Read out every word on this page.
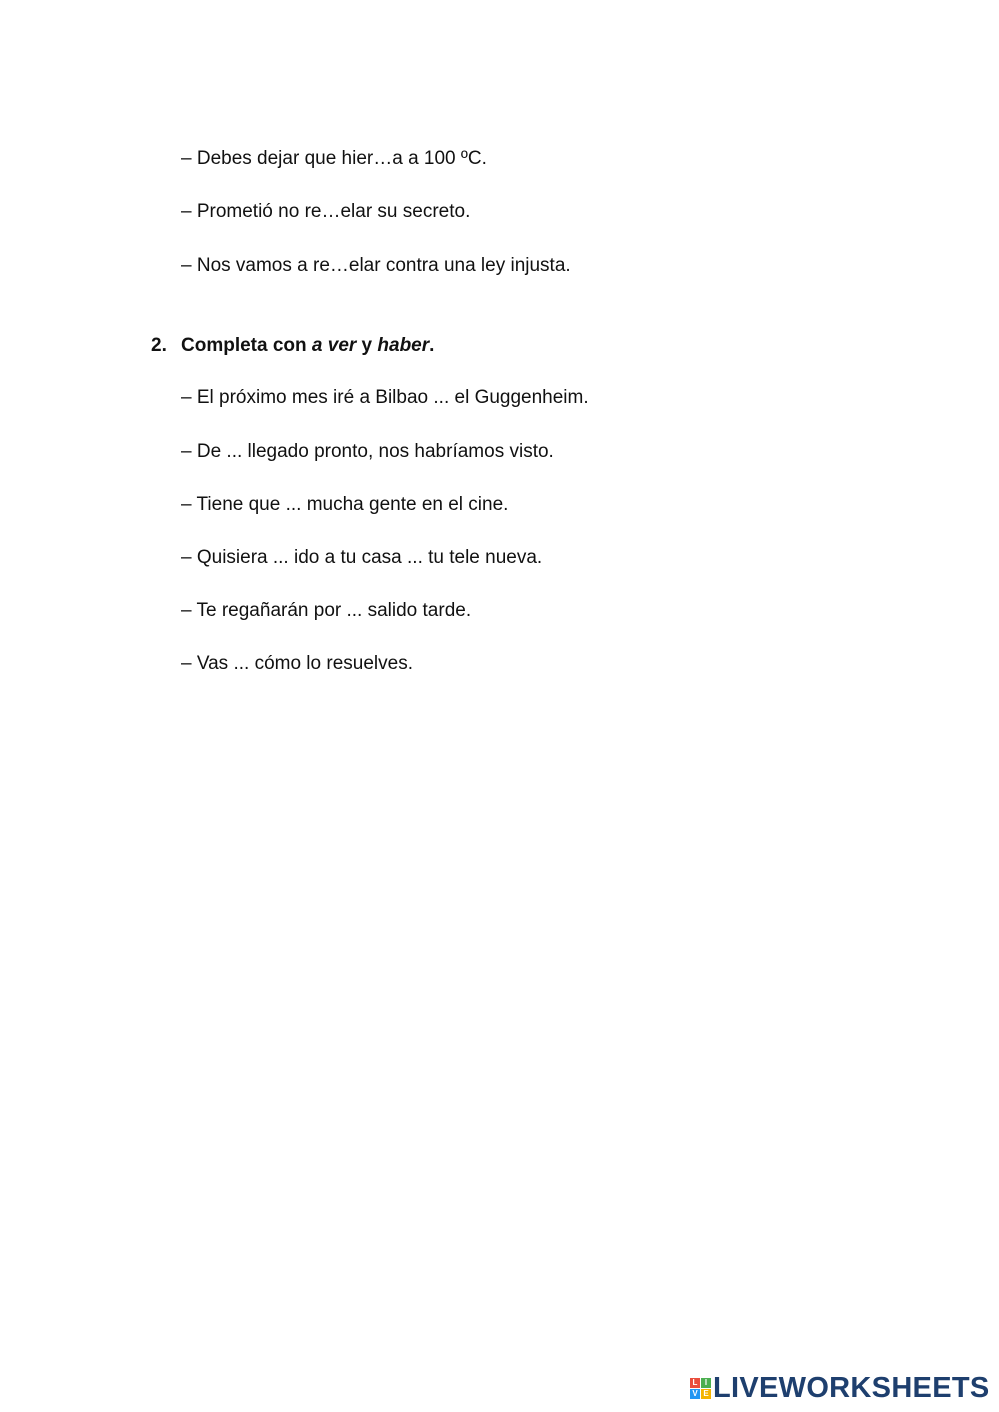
– Debes dejar que hier…a a 100 ºC.
– Prometió no re…elar su secreto.
– Nos vamos a re…elar contra una ley injusta.
2. Completa con a ver y haber.
– El próximo mes iré a Bilbao ... el Guggenheim.
– De ... llegado pronto, nos habríamos visto.
– Tiene que ... mucha gente en el cine.
– Quisiera ... ido a tu casa ... tu tele nueva.
– Te regañarán por ... salido tarde.
– Vas ... cómo lo resuelves.
L I
V E LIVEWORKSHEETS
